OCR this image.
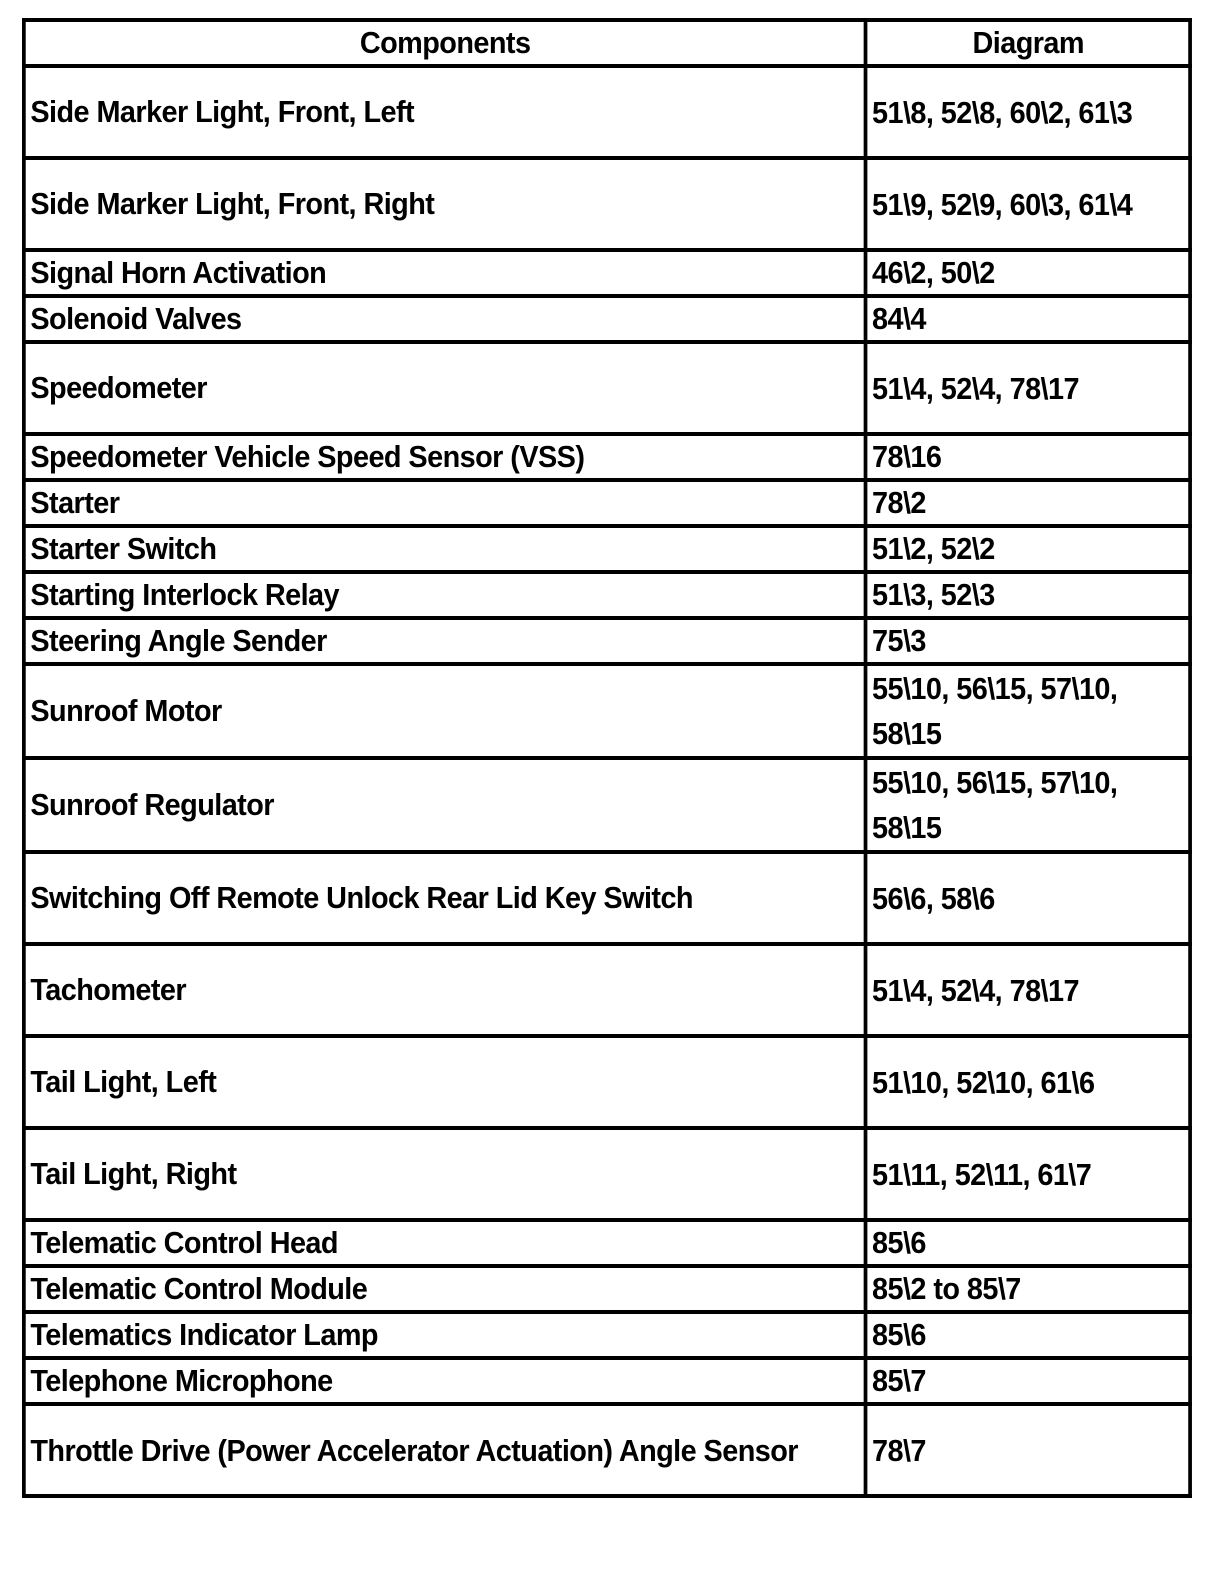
Components	Diagram
Side Marker Light, Front, Left	51\8, 52\8, 60\2, 61\3
Side Marker Light, Front, Right	51\9, 52\9, 60\3, 61\4
Signal Horn Activation	46\2, 50\2
Solenoid Valves	84\4
Speedometer	51\4, 52\4, 78\17
Speedometer Vehicle Speed Sensor (VSS)	78\16
Starter	78\2
Starter Switch	51\2, 52\2
Starting Interlock Relay	51\3, 52\3
Steering Angle Sender	75\3
Sunroof Motor	55\10, 56\15, 57\10, 58\15
Sunroof Regulator	55\10, 56\15, 57\10, 58\15
Switching Off Remote Unlock Rear Lid Key Switch	56\6, 58\6
Tachometer	51\4, 52\4, 78\17
Tail Light, Left	51\10, 52\10, 61\6
Tail Light, Right	51\11, 52\11, 61\7
Telematic Control Head	85\6
Telematic Control Module	85\2 to 85\7
Telematics Indicator Lamp	85\6
Telephone Microphone	85\7
Throttle Drive (Power Accelerator Actuation) Angle Sensor	78\7
